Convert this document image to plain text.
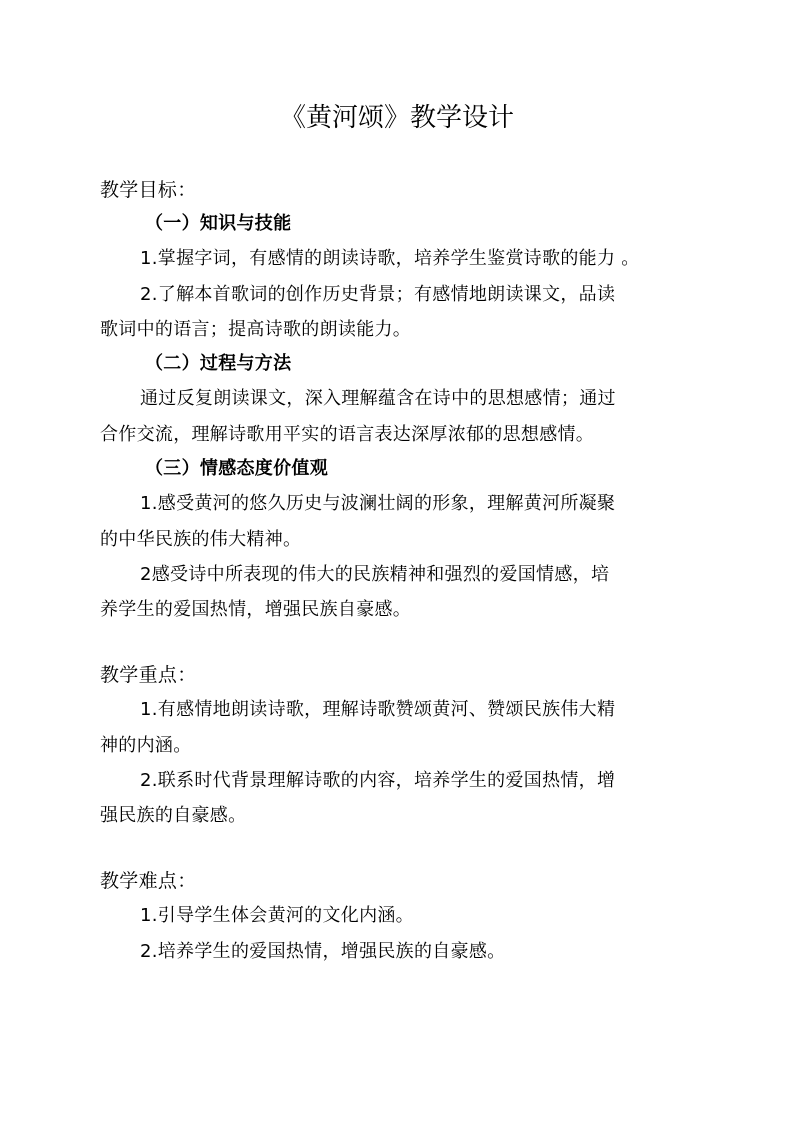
《黄河颂》教学设计
教学目标：
（一）知识与技能
1.掌握字词，有感情的朗读诗歌，培养学生鉴赏诗歌的能力 。
2.了解本首歌词的创作历史背景；有感情地朗读课文，品读
歌词中的语言；提高诗歌的朗读能力。
（二）过程与方法
通过反复朗读课文，深入理解蕴含在诗中的思想感情；通过
合作交流，理解诗歌用平实的语言表达深厚浓郁的思想感情。
（三）情感态度价值观
1.感受黄河的悠久历史与波澜壮阔的形象，理解黄河所凝聚
的中华民族的伟大精神。
2感受诗中所表现的伟大的民族精神和强烈的爱国情感，培
养学生的爱国热情，增强民族自豪感。
教学重点：
1.有感情地朗读诗歌，理解诗歌赞颂黄河、赞颂民族伟大精
神的内涵。
2.联系时代背景理解诗歌的内容，培养学生的爱国热情，增
强民族的自豪感。
教学难点：
1.引导学生体会黄河的文化内涵。
2.培养学生的爱国热情，增强民族的自豪感。
